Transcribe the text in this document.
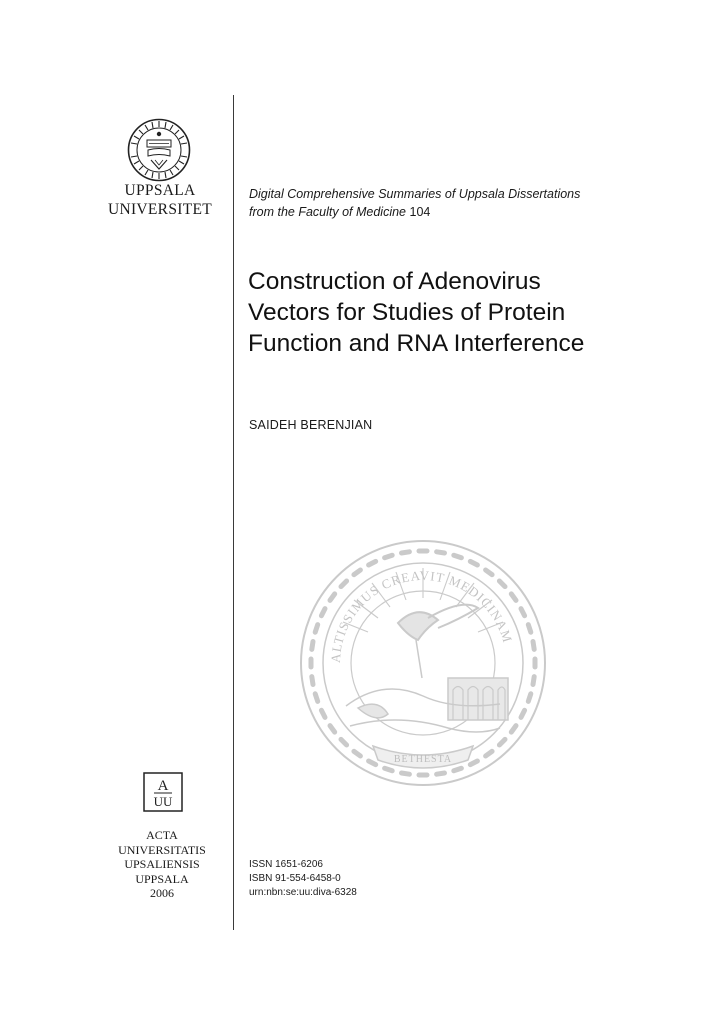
UPPSALA
UNIVERSITET
Digital Comprehensive Summaries of Uppsala Dissertations
from the Faculty of Medicine 104
Construction of Adenovirus
Vectors for Studies of Protein
Function and RNA Interference
SAIDEH BERENJIAN
ALTISSIMUS CREAVIT MEDICINAM
BETHESTA
A
UU
ACTA
UNIVERSITATIS
UPSALIENSIS
UPPSALA
2006
ISSN 1651-6206
ISBN 91-554-6458-0
urn:nbn:se:uu:diva-6328
